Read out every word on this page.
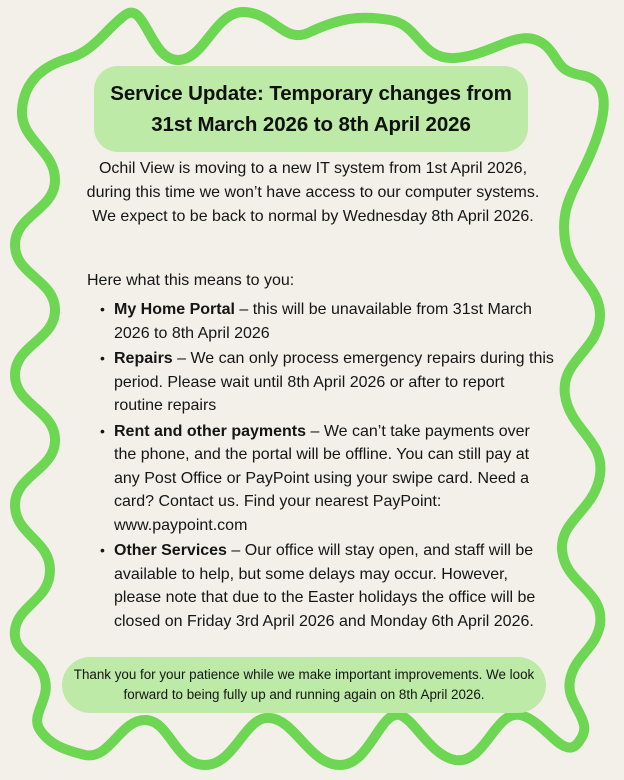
Service Update: Temporary changes from
31st March 2026 to 8th April 2026

Ochil View is moving to a new IT system from 1st April 2026, during this time we won’t have access to our computer systems. We expect to be back to normal by Wednesday 8th April 2026.

Here what this means to you:

• My Home Portal – this will be unavailable from 31st March 2026 to 8th April 2026
• Repairs – We can only process emergency repairs during this period. Please wait until 8th April 2026 or after to report routine repairs
• Rent and other payments – We can’t take payments over the phone, and the portal will be offline. You can still pay at any Post Office or PayPoint using your swipe card. Need a card? Contact us. Find your nearest PayPoint: www.paypoint.com
• Other Services – Our office will stay open, and staff will be available to help, but some delays may occur. However, please note that due to the Easter holidays the office will be closed on Friday 3rd April 2026 and Monday 6th April 2026.

Thank you for your patience while we make important improvements. We look forward to being fully up and running again on 8th April 2026.
